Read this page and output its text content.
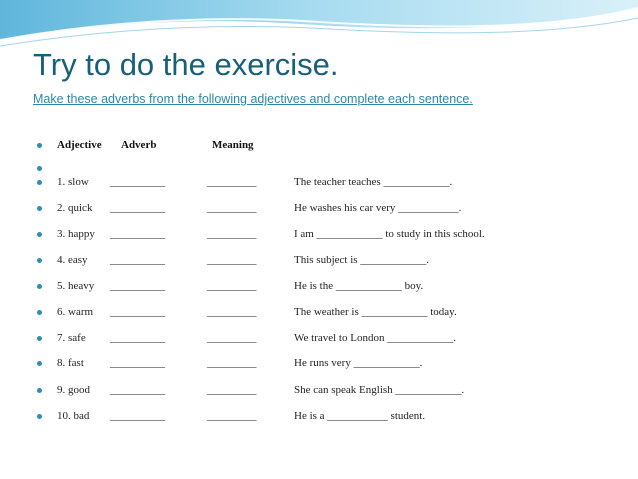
Try to do the exercise.
Make these adverbs from the following adjectives and complete each sentence.
Adjective Adverb	Meaning
1. slow __________	_________	The teacher teaches ____________.
2. quick __________	_________	He washes his car very ___________.
3. happy __________	_________	I am ____________ to study in this school.
4. easy __________	_________	This subject is ____________.
5. heavy __________	_________	He is the ____________ boy.
6. warm __________	_________	The weather is ____________ today.
7. safe __________	_________	We travel to London ____________.
8. fast __________	_________	He runs very ____________.
9. good __________	_________	She can speak English ____________.
10. bad __________	_________	He is a ___________ student.
